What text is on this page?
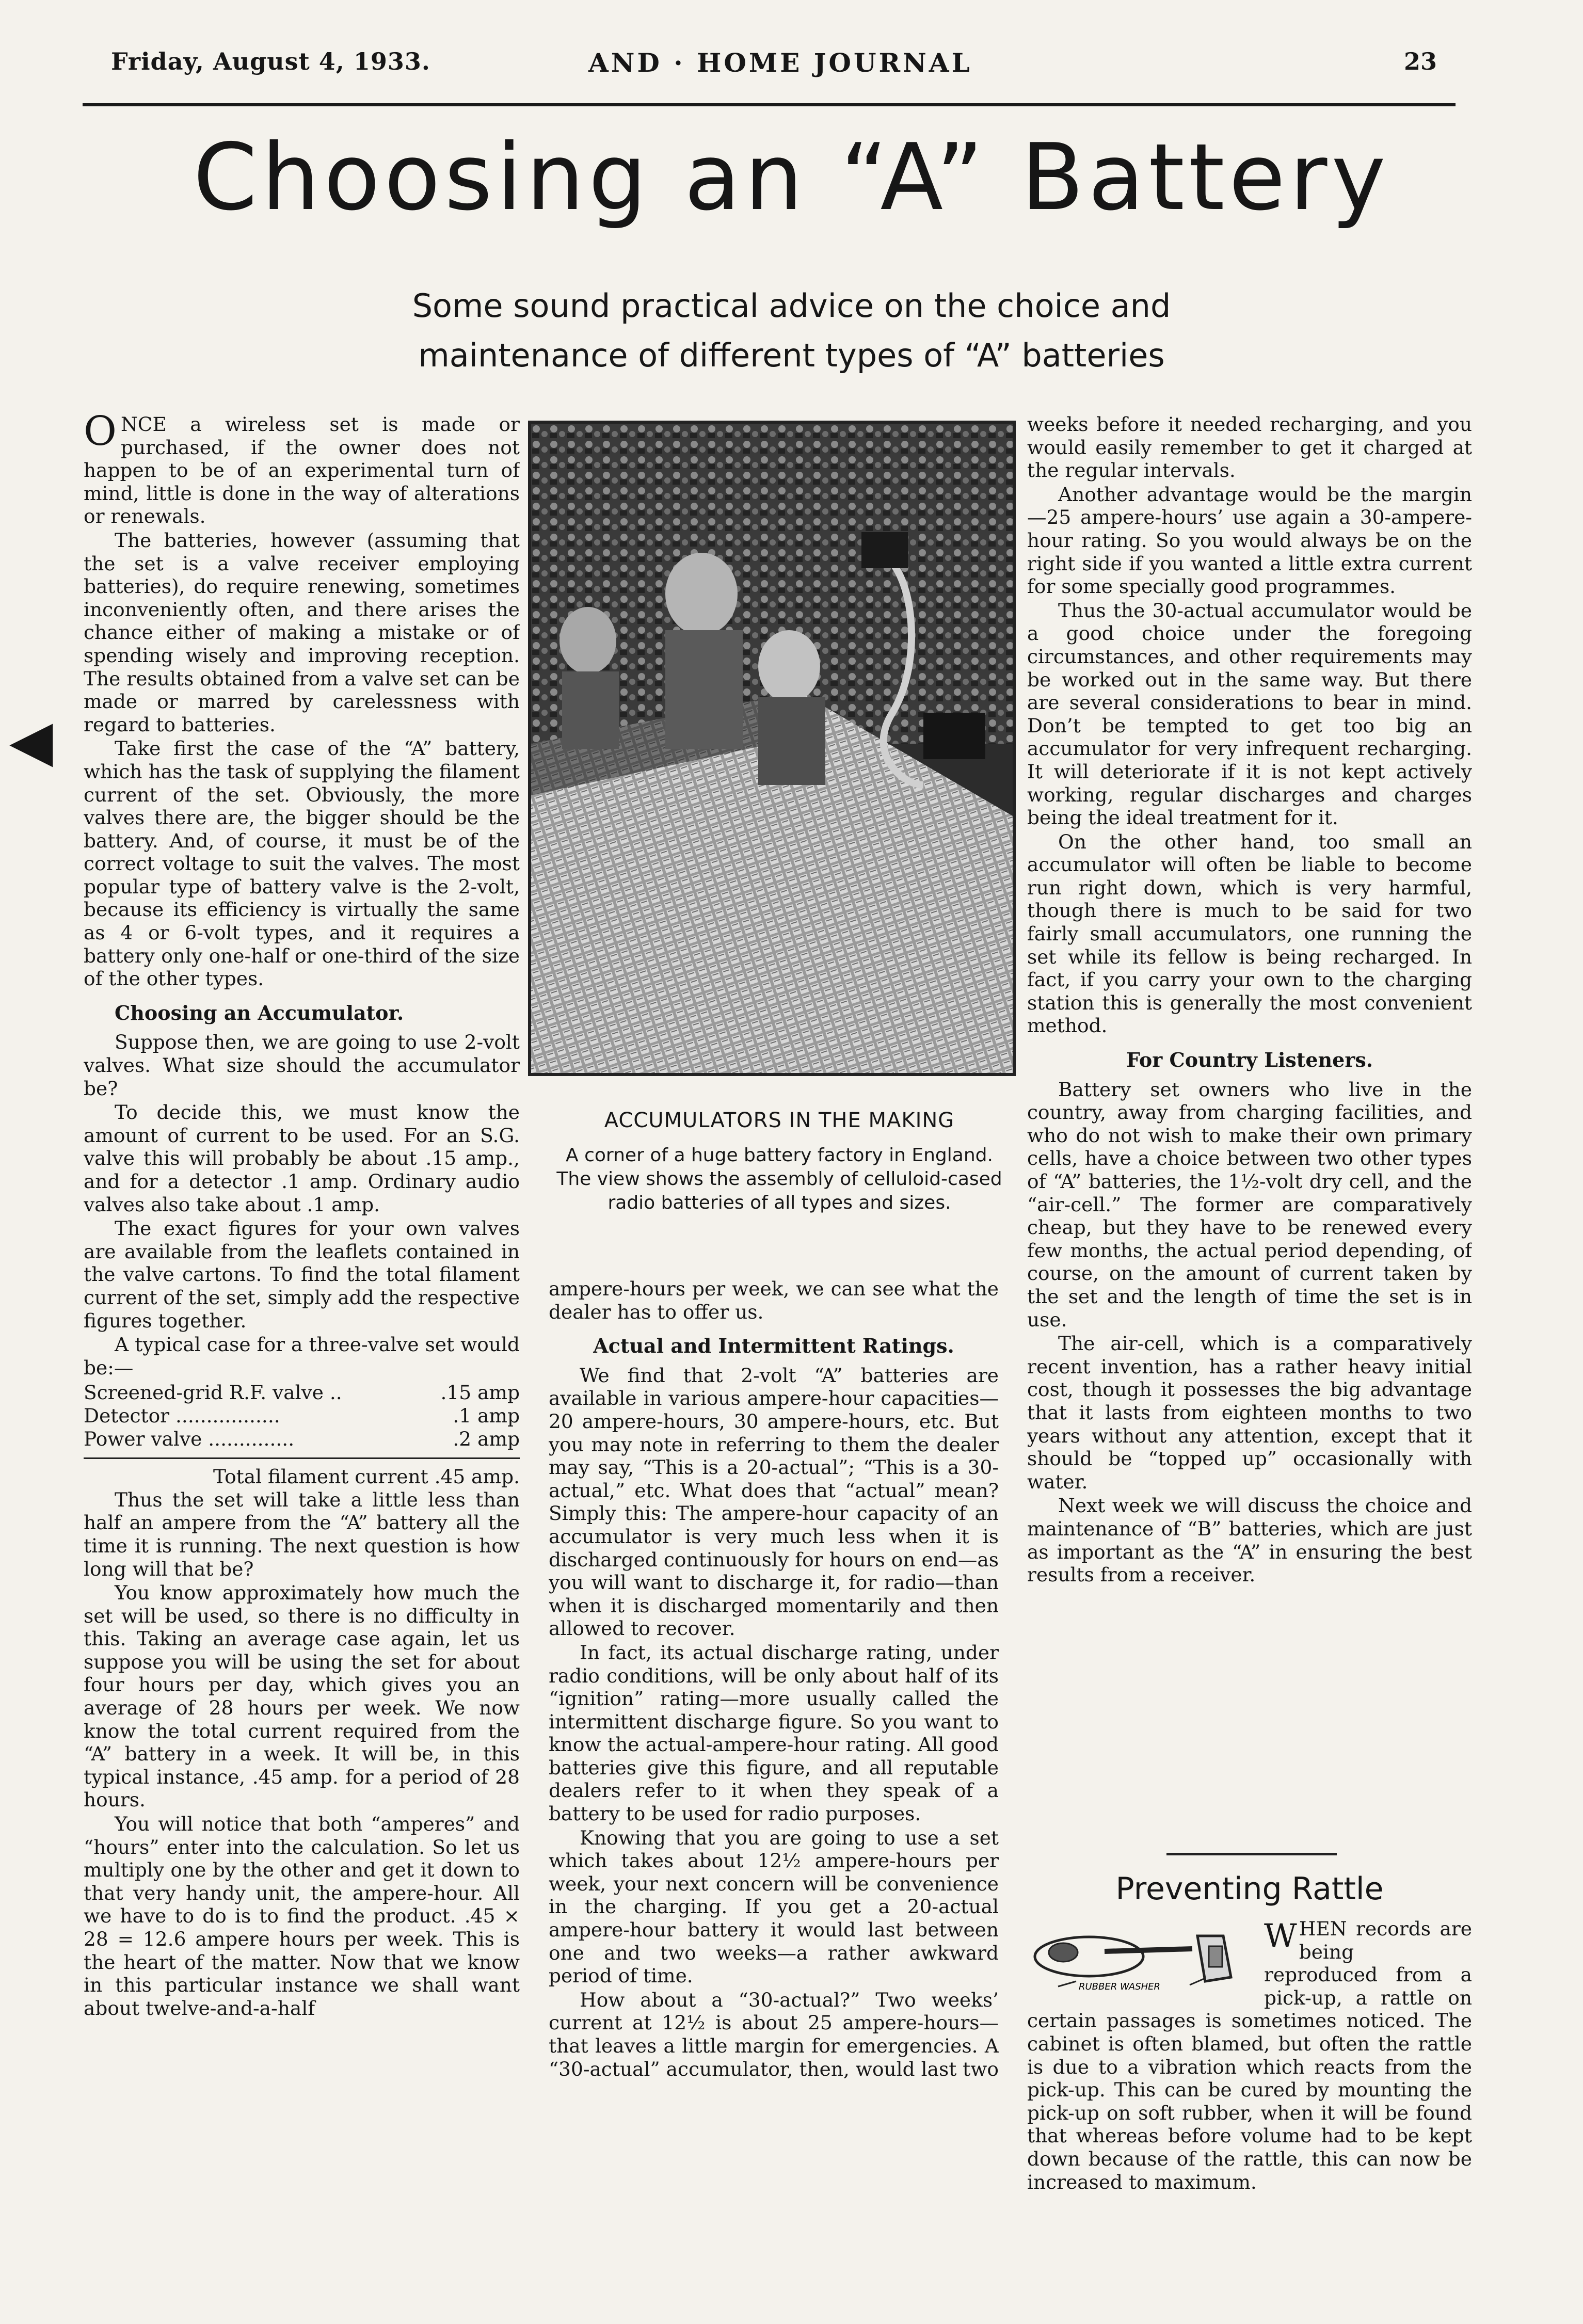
Friday, August 4, 1933.	AND · HOME JOURNAL	23
Choosing an “A” Battery
Some sound practical advice on the choice and
maintenance of different types of “A” batteries
◀

ONCE a wireless set is made or purchased, if the owner does not happen to be of an experimental turn of mind, little is done in the way of alterations or renewals.

The batteries, however (assuming that the set is a valve receiver employing batteries), do require renewing, sometimes inconveniently often, and there arises the chance either of making a mistake or of spending wisely and improving reception. The results obtained from a valve set can be made or marred by carelessness with regard to batteries.

Take first the case of the “A” battery, which has the task of supplying the filament current of the set. Obviously, the more valves there are, the bigger should be the battery. And, of course, it must be of the correct voltage to suit the valves. The most popular type of battery valve is the 2-volt, because its efficiency is virtually the same as 4 or 6-volt types, and it requires a battery only one-half or one-third of the size of the other types.

Choosing an Accumulator.

Suppose then, we are going to use 2-volt valves. What size should the accumulator be?

To decide this, we must know the amount of current to be used. For an S.G. valve this will probably be about .15 amp., and for a detector .1 amp. Ordinary audio valves also take about .1 amp.

The exact figures for your own valves are available from the leaflets contained in the valve cartons. To find the total filament current of the set, simply add the respective figures together.

A typical case for a three-valve set would be:—

Screened-grid R.F. valve ..	.15 amp
Detector .................	.1 amp
Power valve ..............	.2 amp
Total filament current .45 amp.

Thus the set will take a little less than half an ampere from the “A” battery all the time it is running. The next question is how long will that be?

You know approximately how much the set will be used, so there is no difficulty in this. Taking an average case again, let us suppose you will be using the set for about four hours per day, which gives you an average of 28 hours per week. We now know the total current required from the “A” battery in a week. It will be, in this typical instance, .45 amp. for a period of 28 hours.

You will notice that both “amperes” and “hours” enter into the calculation. So let us multiply one by the other and get it down to that very handy unit, the ampere-hour. All we have to do is to find the product. .45 × 28 = 12.6 ampere hours per week. This is the heart of the matter. Now that we know in this particular instance we shall want about twelve-and-a-half

ACCUMULATORS IN THE MAKING
A corner of a huge battery factory in England. The view shows the assembly of celluloid-cased radio batteries of all types and sizes.

ampere-hours per week, we can see what the dealer has to offer us.

Actual and Intermittent Ratings.

We find that 2-volt “A” batteries are available in various ampere-hour capacities—20 ampere-hours, 30 ampere-hours, etc. But you may note in referring to them the dealer may say, “This is a 20-actual”; “This is a 30-actual,” etc. What does that “actual” mean? Simply this: The ampere-hour capacity of an accumulator is very much less when it is discharged continuously for hours on end—as you will want to discharge it, for radio—than when it is discharged momentarily and then allowed to recover.

In fact, its actual discharge rating, under radio conditions, will be only about half of its “ignition” rating—more usually called the intermittent discharge figure. So you want to know the actual-ampere-hour rating. All good batteries give this figure, and all reputable dealers refer to it when they speak of a battery to be used for radio purposes.

Knowing that you are going to use a set which takes about 12½ ampere-hours per week, your next concern will be convenience in the charging. If you get a 20-actual ampere-hour battery it would last between one and two weeks—a rather awkward period of time.

How about a “30-actual?” Two weeks’ current at 12½ is about 25 ampere-hours—that leaves a little margin for emergencies. A “30-actual” accumulator, then, would last two

weeks before it needed recharging, and you would easily remember to get it charged at the regular intervals.

Another advantage would be the margin—25 ampere-hours’ use again a 30-ampere-hour rating. So you would always be on the right side if you wanted a little extra current for some specially good programmes.

Thus the 30-actual accumulator would be a good choice under the foregoing circumstances, and other requirements may be worked out in the same way. But there are several considerations to bear in mind. Don’t be tempted to get too big an accumulator for very infrequent recharging. It will deteriorate if it is not kept actively working, regular discharges and charges being the ideal treatment for it.

On the other hand, too small an accumulator will often be liable to become run right down, which is very harmful, though there is much to be said for two fairly small accumulators, one running the set while its fellow is being recharged. In fact, if you carry your own to the charging station this is generally the most convenient method.

For Country Listeners.

Battery set owners who live in the country, away from charging facilities, and who do not wish to make their own primary cells, have a choice between two other types of “A” batteries, the 1½-volt dry cell, and the “air-cell.” The former are comparatively cheap, but they have to be renewed every few months, the actual period depending, of course, on the amount of current taken by the set and the length of time the set is in use.

The air-cell, which is a comparatively recent invention, has a rather heavy initial cost, though it possesses the big advantage that it lasts from eighteen months to two years without any attention, except that it should be “topped up” occasionally with water.

Next week we will discuss the choice and maintenance of “B” batteries, which are just as important as the “A” in ensuring the best results from a receiver.

Preventing Rattle
RUBBER WASHER

WHEN records are being reproduced from a pick-up, a rattle on certain passages is sometimes noticed. The cabinet is often blamed, but often the rattle is due to a vibration which reacts from the pick-up. This can be cured by mounting the pick-up on soft rubber, when it will be found that whereas before volume had to be kept down because of the rattle, this can now be increased to maximum.
